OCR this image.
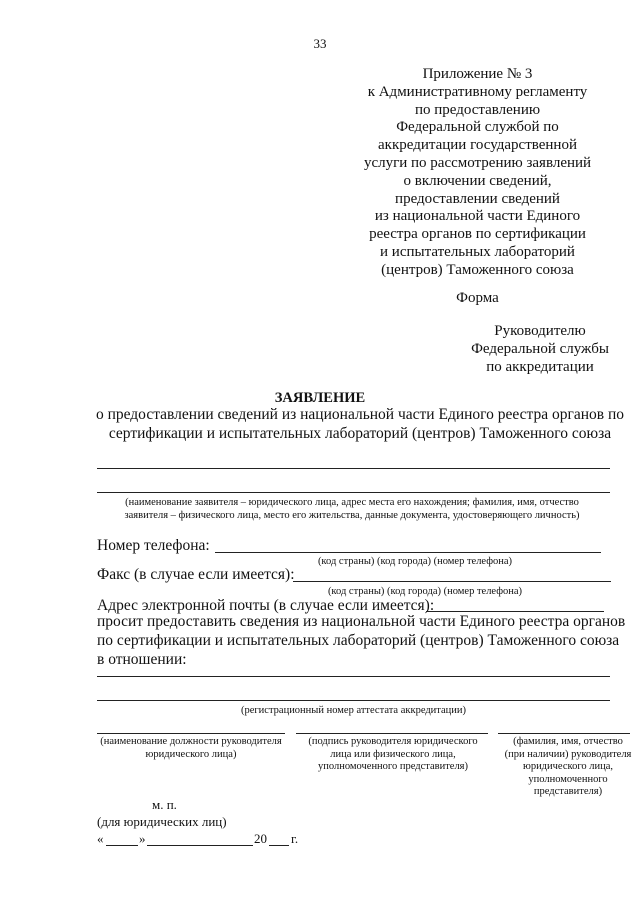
33
Приложение № 3
к Административному регламенту
по предоставлению
Федеральной службой по
аккредитации государственной
услуги по рассмотрению заявлений
о включении сведений,
предоставлении сведений
из национальной части Единого
реестра органов по сертификации
и испытательных лабораторий
(центров) Таможенного союза
Форма
Руководителю
Федеральной службы
по аккредитации
ЗАЯВЛЕНИЕ
о предоставлении сведений из национальной части Единого реестра органов по
сертификации и испытательных лабораторий (центров) Таможенного союза
(наименование заявителя – юридического лица, адрес места его нахождения; фамилия, имя, отчество
заявителя – физического лица, место его жительства, данные документа, удостоверяющего личность)
Номер телефона:
(код страны) (код города) (номер телефона)
Факс (в случае если имеется):
(код страны) (код города) (номер телефона)
Адрес электронной почты (в случае если имеется):
просит предоставить сведения из национальной части Единого реестра органов
по сертификации и испытательных лабораторий (центров) Таможенного союза
в отношении:
(регистрационный номер аттестата аккредитации)
(наименование должности руководителя
юридического лица)
(подпись руководителя юридического
лица или физического лица,
уполномоченного представителя)
(фамилия, имя, отчество
(при наличии) руководителя
юридического лица,
уполномоченного
представителя)
м. п.
(для юридических лиц)
«	»	20 г.
